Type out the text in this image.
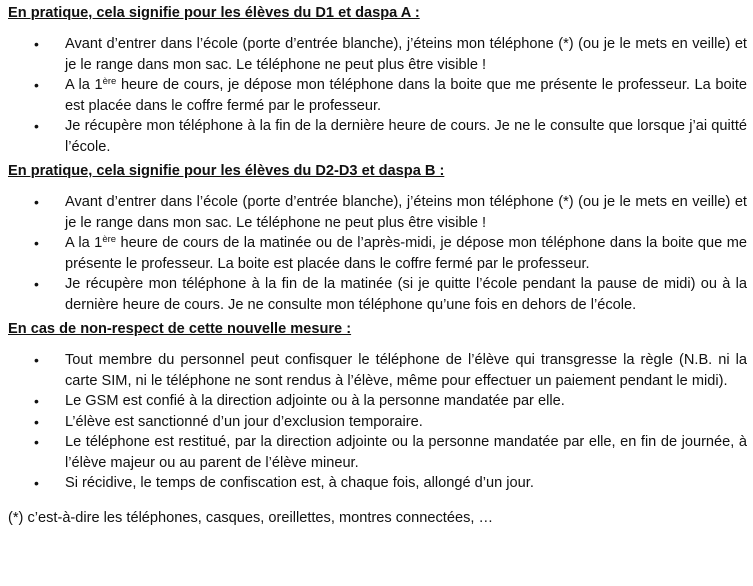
En pratique, cela signifie pour les élèves du D1 et daspa A :

• Avant d’entrer dans l’école (porte d’entrée blanche), j’éteins mon téléphone (*) (ou je le mets en veille) et je le range dans mon sac. Le téléphone ne peut plus être visible !
• A la 1ère heure de cours, je dépose mon téléphone dans la boite que me présente le professeur. La boite est placée dans le coffre fermé par le professeur.
• Je récupère mon téléphone à la fin de la dernière heure de cours. Je ne le consulte que lorsque j’ai quitté l’école.

En pratique, cela signifie pour les élèves du D2-D3 et daspa B :

• Avant d’entrer dans l’école (porte d’entrée blanche), j’éteins mon téléphone (*) (ou je le mets en veille) et je le range dans mon sac. Le téléphone ne peut plus être visible !
• A la 1ère heure de cours de la matinée ou de l’après-midi, je dépose mon téléphone dans la boite que me présente le professeur. La boite est placée dans le coffre fermé par le professeur.
• Je récupère mon téléphone à la fin de la matinée (si je quitte l’école pendant la pause de midi) ou à la dernière heure de cours. Je ne consulte mon téléphone qu’une fois en dehors de l’école.

En cas de non-respect de cette nouvelle mesure :

• Tout membre du personnel peut confisquer le téléphone de l’élève qui transgresse la règle (N.B. ni la carte SIM, ni le téléphone ne sont rendus à l’élève, même pour effectuer un paiement pendant le midi).
• Le GSM est confié à la direction adjointe ou à la personne mandatée par elle.
• L’élève est sanctionné d’un jour d’exclusion temporaire.
• Le téléphone est restitué, par la direction adjointe ou la personne mandatée par elle, en fin de journée, à l’élève majeur ou au parent de l’élève mineur.
• Si récidive, le temps de confiscation est, à chaque fois, allongé d’un jour.

(*) c’est-à-dire les téléphones, casques, oreillettes, montres connectées, …
